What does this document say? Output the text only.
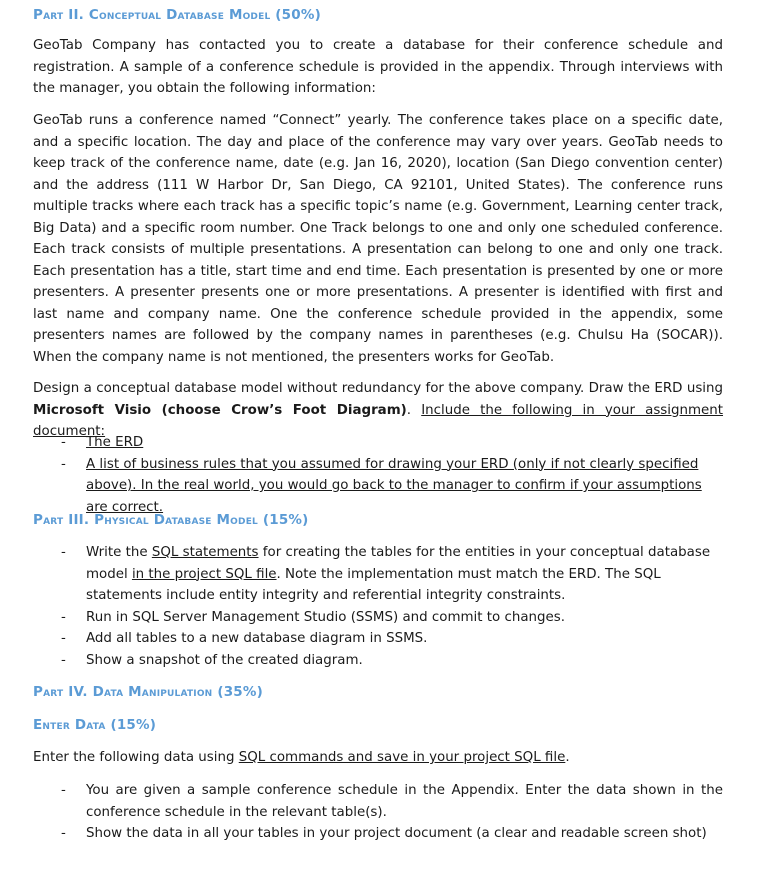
Part II. Conceptual Database Model (50%)

GeoTab Company has contacted you to create a database for their conference schedule and registration. A sample of a conference schedule is provided in the appendix. Through interviews with the manager, you obtain the following information:

GeoTab runs a conference named “Connect” yearly. The conference takes place on a specific date, and a specific location. The day and place of the conference may vary over years. GeoTab needs to keep track of the conference name, date (e.g. Jan 16, 2020), location (San Diego convention center) and the address (111 W Harbor Dr, San Diego, CA 92101, United States). The conference runs multiple tracks where each track has a specific topic’s name (e.g. Government, Learning center track, Big Data) and a specific room number. One Track belongs to one and only one scheduled conference. Each track consists of multiple presentations. A presentation can belong to one and only one track. Each presentation has a title, start time and end time. Each presentation is presented by one or more presenters. A presenter presents one or more presentations. A presenter is identified with first and last name and company name. One the conference schedule provided in the appendix, some presenters names are followed by the company names in parentheses (e.g. Chulsu Ha (SOCAR)). When the company name is not mentioned, the presenters works for GeoTab.

Design a conceptual database model without redundancy for the above company. Draw the ERD using Microsoft Visio (choose Crow’s Foot Diagram). Include the following in your assignment document:

- The ERD
- A list of business rules that you assumed for drawing your ERD (only if not clearly specified above). In the real world, you would go back to the manager to confirm if your assumptions are correct.
Part III. Physical Database Model (15%)
- Write the SQL statements for creating the tables for the entities in your conceptual database model in the project SQL file. Note the implementation must match the ERD. The SQL statements include entity integrity and referential integrity constraints.
- Run in SQL Server Management Studio (SSMS) and commit to changes.
- Add all tables to a new database diagram in SSMS.
- Show a snapshot of the created diagram.
Part IV. Data Manipulation (35%)
Enter Data (15%)

Enter the following data using SQL commands and save in your project SQL file.

- You are given a sample conference schedule in the Appendix. Enter the data shown in the conference schedule in the relevant table(s).
- Show the data in all your tables in your project document (a clear and readable screen shot)
